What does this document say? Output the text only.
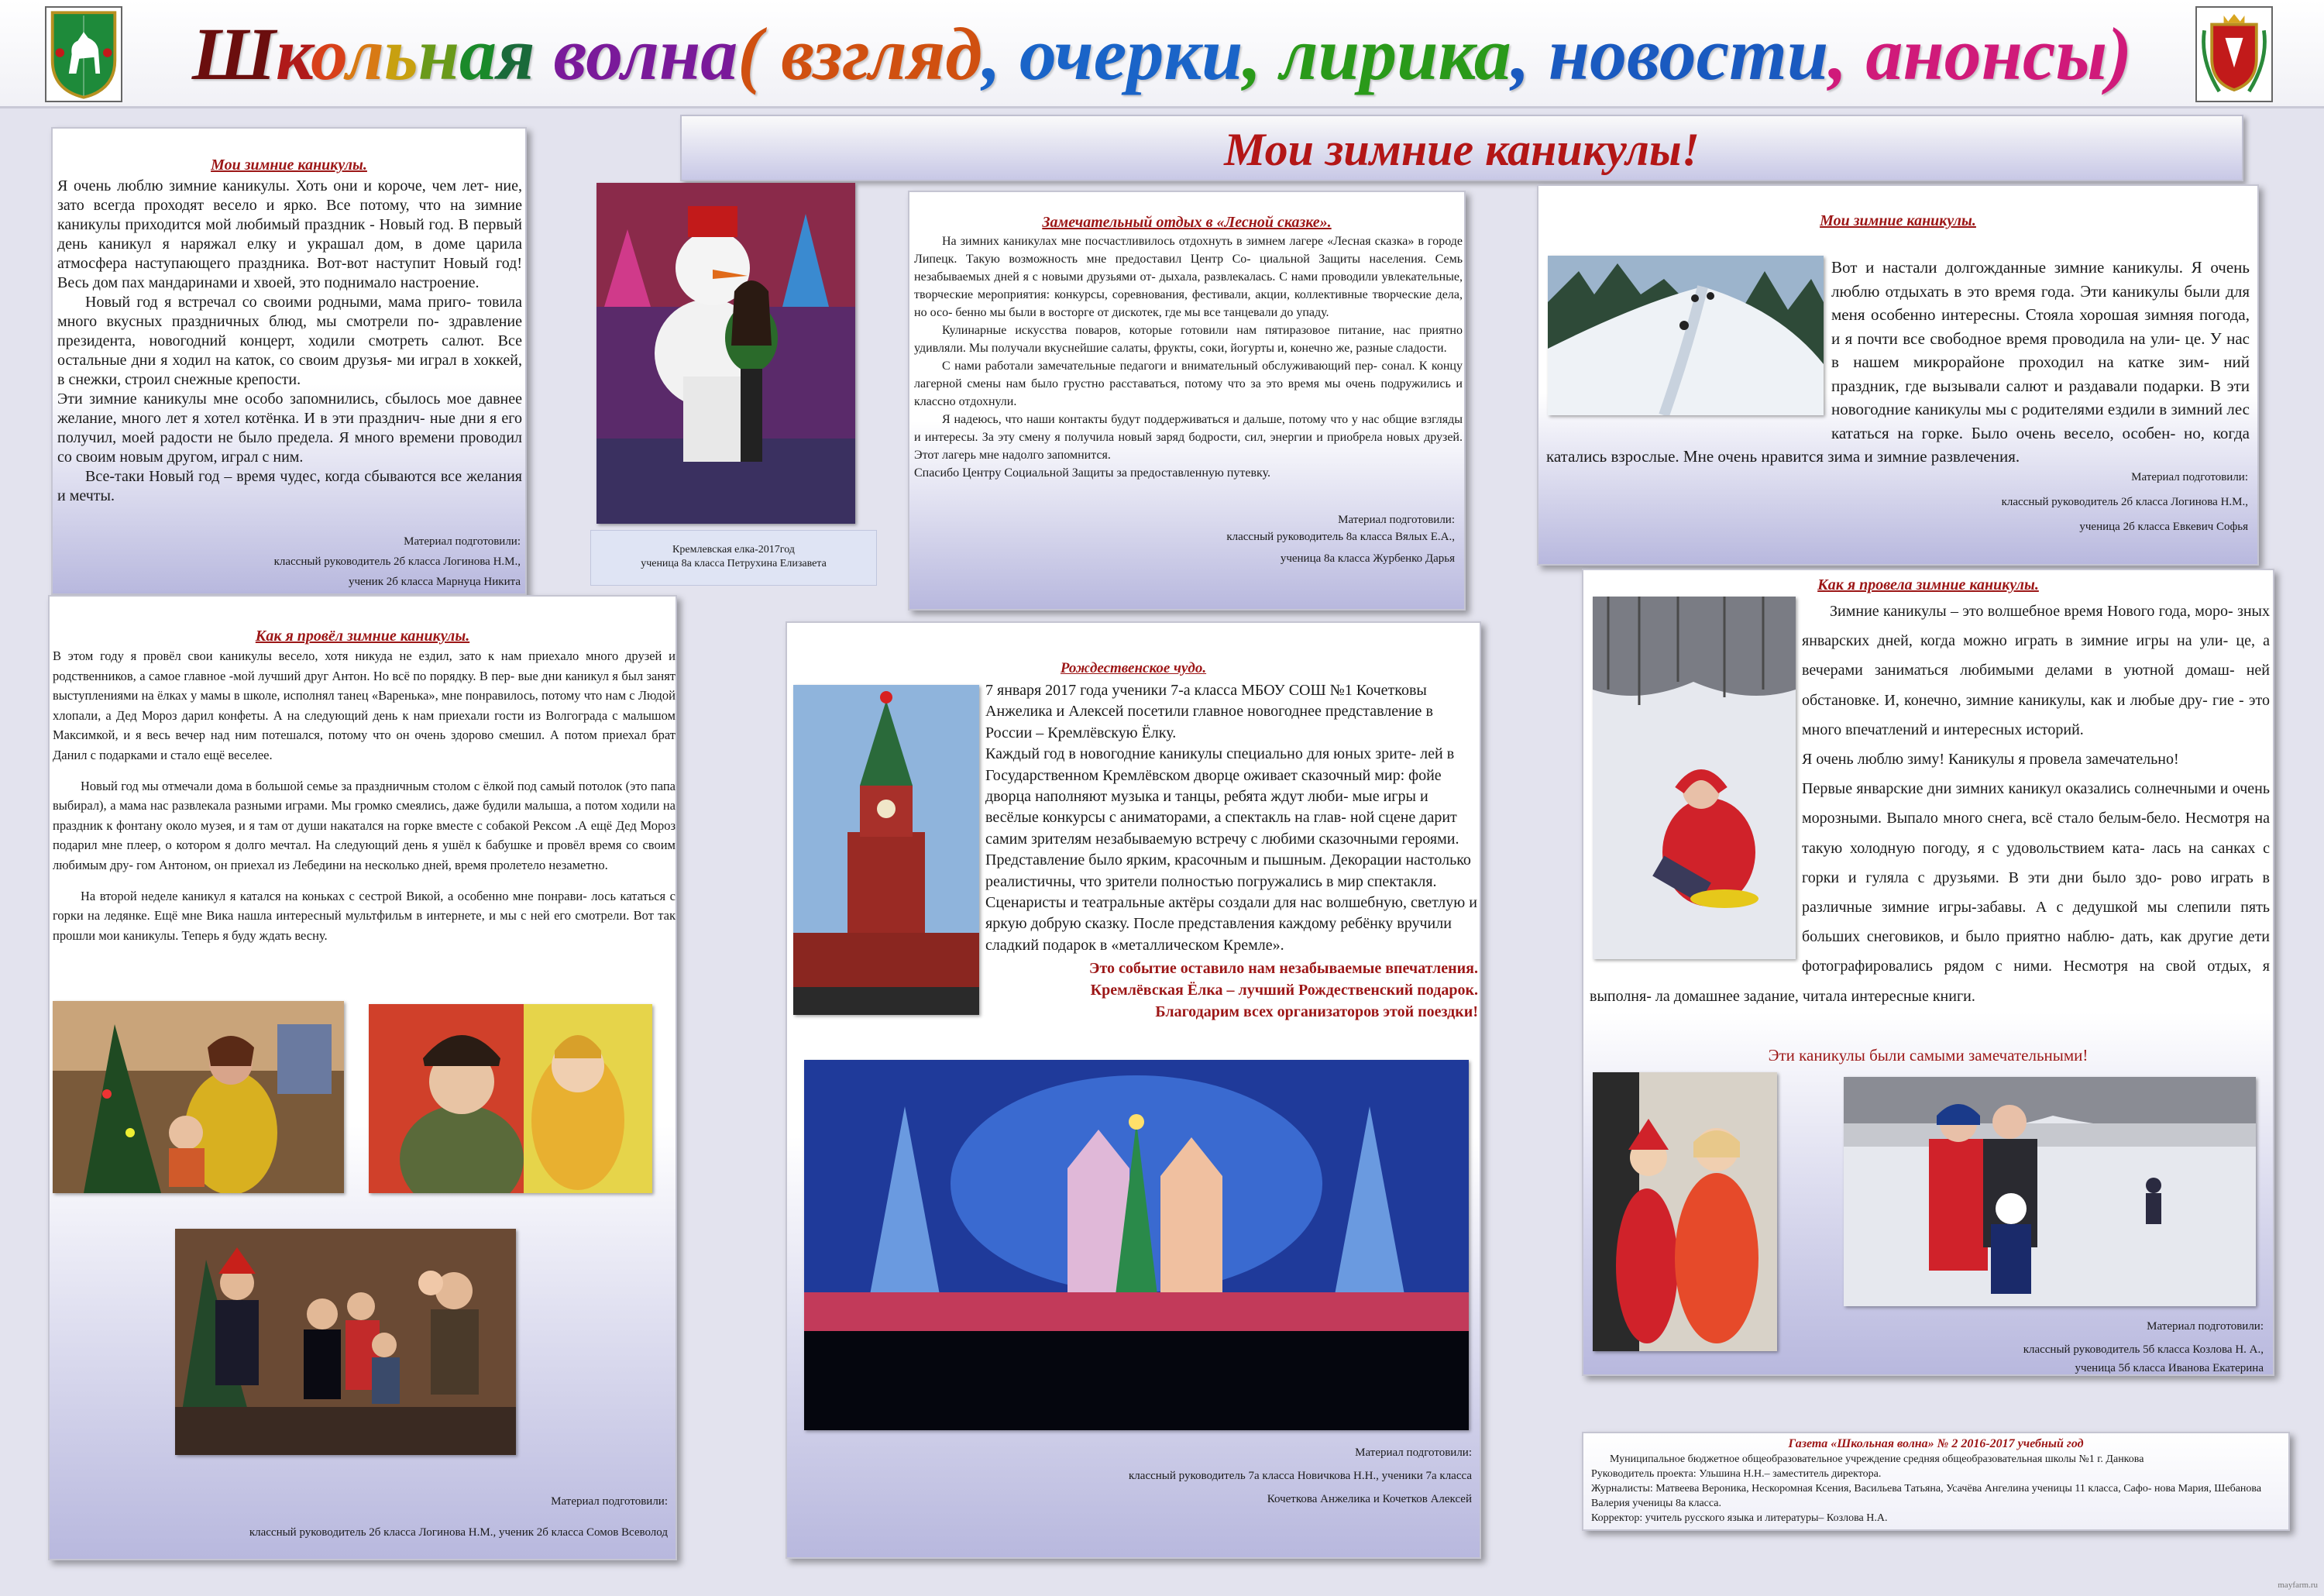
Школьная волна( взгляд, очерки, лирика, новости, анонсы)
Мои зимние каникулы!
Мои зимние каникулы.

Я очень люблю зимние каникулы. Хоть они и короче, чем лет- ние, зато всегда проходят весело и ярко. Все потому, что на зимние каникулы приходится мой любимый праздник - Новый год. В первый день каникул я наряжал елку и украшал дом, в доме царила атмосфера наступающего праздника. Вот-вот наступит Новый год! Весь дом пах мандаринами и хвоей, это поднимало настроение.

Новый год я встречал со своими родными, мама приго- товила много вкусных праздничных блюд, мы смотрели по- здравление президента, новогодний концерт, ходили смотреть салют. Все остальные дни я ходил на каток, со своим друзья- ми играл в хоккей, в снежки, строил снежные крепости.

Эти зимние каникулы мне особо запомнились, сбылось мое давнее желание, много лет я хотел котёнка. И в эти празднич- ные дни я его получил, моей радости не было предела. Я много времени проводил со своим новым другом, играл с ним.

Все-таки Новый год – время чудес, когда сбываются все желания и мечты.

Материал подготовили:
классный руководитель 2б класса Логинова Н.М.,
ученик 2б класса Марнуца Никита
Кремлевская елка-2017год
ученица 8а класса Петрухина Елизавета
Замечательный отдых в «Лесной сказке».

На зимних каникулах мне посчастливилось отдохнуть в зимнем лагере «Лесная сказка» в городе Липецк. Такую возможность мне предоставил Центр Со- циальной Защиты населения. Семь незабываемых дней я с новыми друзьями от- дыхала, развлекалась. С нами проводили увлекательные, творческие мероприятия: конкурсы, соревнования, фестивали, акции, коллективные творческие дела, но осо- бенно мы были в восторге от дискотек, где мы все танцевали до упаду.

Кулинарные искусства поваров, которые готовили нам пятиразовое питание, нас приятно удивляли. Мы получали вкуснейшие салаты, фрукты, соки, йогурты и, конечно же, разные сладости.

С нами работали замечательные педагоги и внимательный обслуживающий пер- сонал. К концу лагерной смены нам было грустно расставаться, потому что за это время мы очень подружились и классно отдохнули.

Я надеюсь, что наши контакты будут поддерживаться и дальше, потому что у нас общие взгляды и интересы. За эту смену я получила новый заряд бодрости, сил, энергии и приобрела новых друзей. Этот лагерь мне надолго запомнится.

Спасибо Центру Социальной Защиты за предоставленную путевку.

Материал подготовили:
классный руководитель 8а класса Вялых Е.А.,
ученица 8а класса Журбенко Дарья
Мои зимние каникулы.
Вот и настали долгожданные зимние каникулы. Я очень люблю отдыхать в это время года. Эти каникулы были для меня особенно интересны. Стояла хорошая зимняя погода, и я почти все свободное время проводила на ули- це. У нас в нашем микрорайоне проходил на катке зим- ний праздник, где вызывали салют и раздавали подарки. В эти новогодние каникулы мы с родителями ездили в зимний лес кататься на горке. Было очень весело, особен- но, когда катались взрослые. Мне очень нравится зима и зимние развлечения.
Материал подготовили:
классный руководитель 2б класса Логинова Н.М.,
ученица 2б класса Евкевич Софья
Как я провёл зимние каникулы.

В этом году я провёл свои каникулы весело, хотя никуда не ездил, зато к нам приехало много друзей и родственников, а самое главное -мой лучший друг Антон. Но всё по порядку. В пер- вые дни каникул я был занят выступлениями на ёлках у мамы в школе, исполнял танец «Варенька», мне понравилось, потому что нам с Людой хлопали, а Дед Мороз дарил конфеты. А на следующий день к нам приехали гости из Волгограда с малышом Максимкой, и я весь вечер над ним потешался, потому что он очень здорово смешил. А потом приехал брат Данил с подарками и стало ещё веселее.

Новый год мы отмечали дома в большой семье за праздничным столом с ёлкой под самый потолок (это папа выбирал), а мама нас развлекала разными играми. Мы громко смеялись, даже будили малыша, а потом ходили на праздник к фонтану около музея, и я там от души накатался на горке вместе с собакой Рексом .А ещё Дед Мороз подарил мне плеер, о котором я долго мечтал. На следующий день я ушёл к бабушке и провёл время со своим любимым дру- гом Антоном, он приехал из Лебедини на несколько дней, время пролетело незаметно.

На второй неделе каникул я катался на коньках с сестрой Викой, а особенно мне понрави- лось кататься с горки на ледянке. Ещё мне Вика нашла интересный мультфильм в интернете, и мы с ней его смотрели. Вот так прошли мои каникулы. Теперь я буду ждать весну.

Материал подготовили:
классный руководитель 2б класса Логинова Н.М., ученик 2б класса Сомов Всеволод
Рождественское чудо.

7 января 2017 года ученики 7-а класса МБОУ СОШ №1 Кочетковы Анжелика и Алексей посетили главное новогоднее представление в России – Кремлёвскую Ёлку.

Каждый год в новогодние каникулы специально для юных зрите- лей в Государственном Кремлёвском дворце оживает сказочный мир: фойе дворца наполняют музыка и танцы, ребята ждут люби- мые игры и весёлые конкурсы с аниматорами, а спектакль на глав- ной сцене дарит самим зрителям незабываемую встречу с любими сказочными героями.

Представление было ярким, красочным и пышным. Декорации настолько реалистичны, что зрители полностью погружались в мир спектакля. Сценаристы и театральные актёры создали для нас волшебную, светлую и яркую добрую сказку. После представления каждому ребёнку вручили сладкий подарок в «металлическом Кремле».

Это событие оставило нам незабываемые впечатления.
Кремлёвская Ёлка – лучший Рождественский подарок.
Благодарим всех организаторов этой поездки!
Материал подготовили:
классный руководитель 7а класса Новичкова Н.Н., ученики 7а класса
Кочеткова Анжелика и Кочетков Алексей
Как я провела зимние каникулы.

Зимние каникулы – это волшебное время Нового года, моро- зных январских дней, когда можно играть в зимние игры на ули- це, а вечерами заниматься любимыми делами в уютной домаш- ней обстановке. И, конечно, зимние каникулы, как и любые дру- гие - это много впечатлений и интересных историй.

Я очень люблю зиму! Каникулы я провела замечательно!

Первые январские дни зимних каникул оказались солнечными и очень морозными. Выпало много снега, всё стало белым-бело. Несмотря на такую холодную погоду, я с удовольствием ката- лась на санках с горки и гуляла с друзьями. В эти дни было здо- рово играть в различные зимние игры-забавы. А с дедушкой мы слепили пять больших снеговиков, и было приятно наблю- дать, как другие дети фотографировались рядом с ними. Несмотря на свой отдых, я выполня- ла домашнее задание, читала интересные книги.

Эти каникулы были самыми замечательными!
Материал подготовили:
классный руководитель 5б класса Козлова Н. А.,
ученица 5б класса Иванова Екатерина
Газета «Школьная волна» № 2 2016-2017 учебный год
Муниципальное бюджетное общеобразовательное учреждение средняя общеобразовательная школы №1 г. Данкова
Руководитель проекта: Ульшина Н.Н.– заместитель директора.
Журналисты: Матвеева Вероника, Нескоромная Ксения, Васильева Татьяна, Усачёва Ангелина ученицы 11 класса, Сафо- нова Мария, Шебанова Валерия ученицы 8а класса.
Корректор: учитель русского языка и литературы– Козлова Н.А.
mayfarm.ru
